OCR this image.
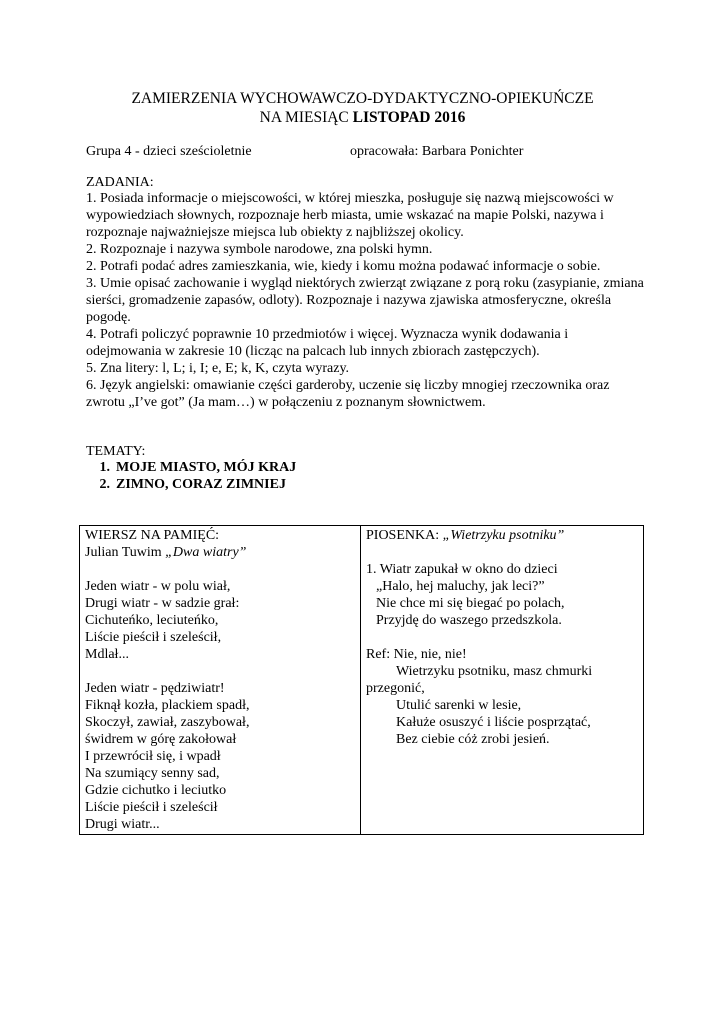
ZAMIERZENIA WYCHOWAWCZO-DYDAKTYCZNO-OPIEKUŃCZE
NA MIESIĄC LISTOPAD 2016
Grupa 4 - dzieci sześcioletnie	opracowała: Barbara Ponichter
ZADANIA:

1. Posiada informacje o miejscowości, w której mieszka, posługuje się nazwą miejscowości w wypowiedziach słownych, rozpoznaje herb miasta, umie wskazać na mapie Polski, nazywa i rozpoznaje najważniejsze miejsca lub obiekty z najbliższej okolicy.

2. Rozpoznaje i nazywa symbole narodowe, zna polski hymn.

2. Potrafi podać adres zamieszkania, wie, kiedy i komu można podawać informacje o sobie.

3. Umie opisać zachowanie i wygląd niektórych zwierząt związane z porą roku (zasypianie, zmiana sierści, gromadzenie zapasów, odloty). Rozpoznaje i nazywa zjawiska atmosferyczne, określa pogodę.

4. Potrafi policzyć poprawnie 10 przedmiotów i więcej. Wyznacza wynik dodawania i odejmowania w zakresie 10 (licząc na palcach lub innych zbiorach zastępczych).

5. Zna litery: l, L; i, I; e, E; k, K, czyta wyrazy.

6. Język angielski: omawianie części garderoby, uczenie się liczby mnogiej rzeczownika oraz zwrotu „I’ve got” (Ja mam…) w połączeniu z poznanym słownictwem.

TEMATY:
1. MOJE MIASTO, MÓJ KRAJ
2. ZIMNO, CORAZ ZIMNIEJ
WIERSZ NA PAMIĘĆ:
Julian Tuwim „Dwa wiatry”
Jeden wiatr - w polu wiał,
Drugi wiatr - w sadzie grał:
Cichuteńko, leciuteńko,
Liście pieścił i szeleścił,
Mdlał...
Jeden wiatr - pędziwiatr!
Fiknął kozła, plackiem spadł,
Skoczył, zawiał, zaszybował,
świdrem w górę zakołował
I przewrócił się, i wpadł
Na szumiący senny sad,
Gdzie cichutko i leciutko
Liście pieścił i szeleścił
Drugi wiatr...

PIOSENKA: „Wietrzyku psotniku”
1. Wiatr zapukał w okno do dzieci
„Halo, hej maluchy, jak leci?”
Nie chce mi się biegać po polach,
Przyjdę do waszego przedszkola.
Ref: Nie, nie, nie!
Wietrzyku psotniku, masz chmurki
przegonić,
Utulić sarenki w lesie,
Kałuże osuszyć i liście posprzątać,
Bez ciebie cóż zrobi jesień.
